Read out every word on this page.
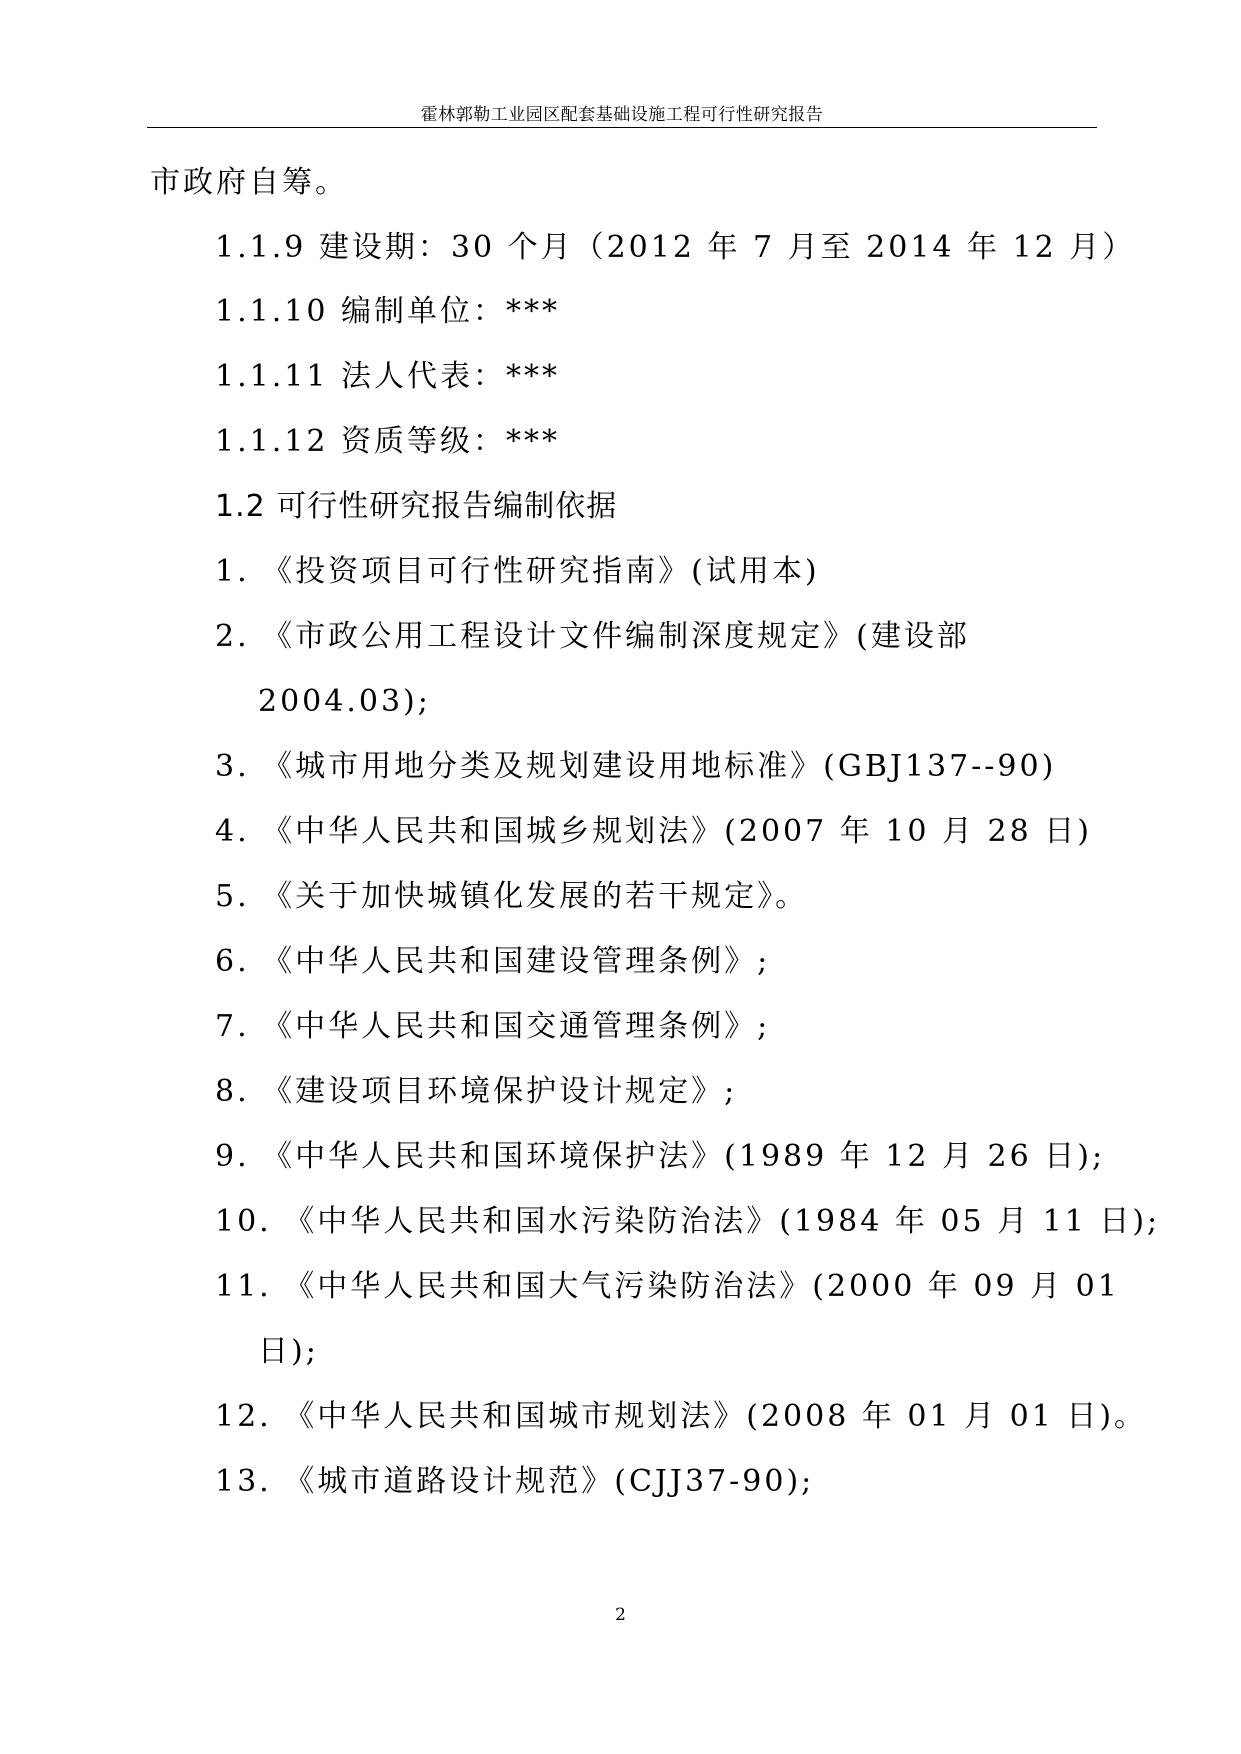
霍林郭勒工业园区配套基础设施工程可行性研究报告
市政府自筹。
1.1.9 建设期：30 个月（2012 年 7 月至 2014 年 12 月）
1.1.10 编制单位：***
1.1.11 法人代表：***
1.1.12 资质等级：***
1.2 可行性研究报告编制依据
1. 《投资项目可行性研究指南》(试用本)
2. 《市政公用工程设计文件编制深度规定》(建设部
2004.03);
3. 《城市用地分类及规划建设用地标准》(GBJ137--90)
4. 《中华人民共和国城乡规划法》(2007 年 10 月 28 日)
5. 《关于加快城镇化发展的若干规定》。
6. 《中华人民共和国建设管理条例》;
7. 《中华人民共和国交通管理条例》;
8. 《建设项目环境保护设计规定》;
9. 《中华人民共和国环境保护法》(1989 年 12 月 26 日);
10. 《中华人民共和国水污染防治法》(1984 年 05 月 11 日);
11. 《中华人民共和国大气污染防治法》(2000 年 09 月 01
日);
12. 《中华人民共和国城市规划法》(2008 年 01 月 01 日)。
13. 《城市道路设计规范》(CJJ37-90);
2
